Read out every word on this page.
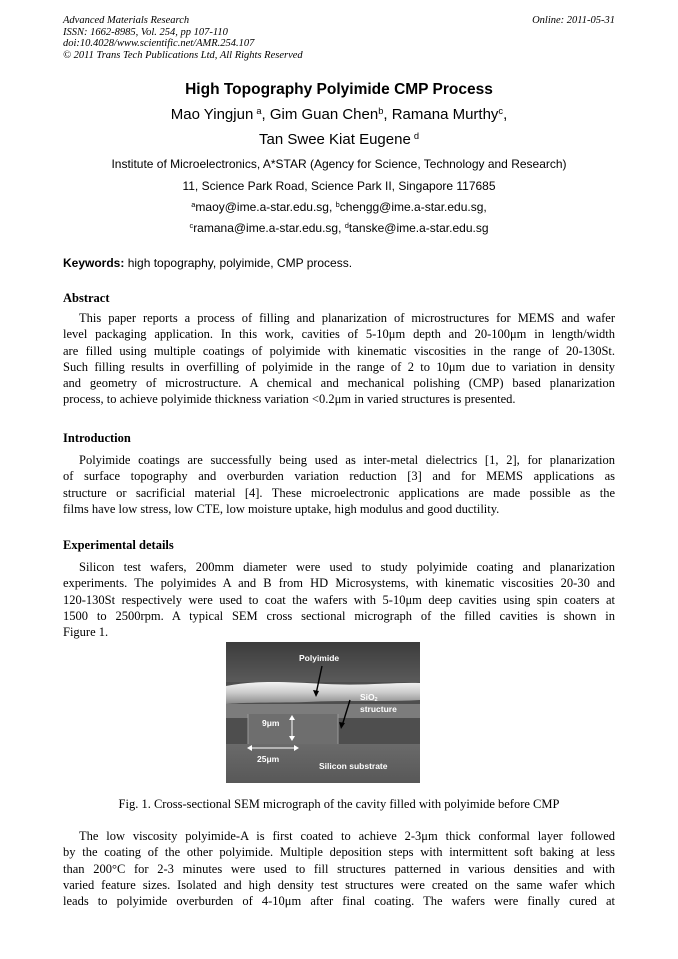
Advanced Materials Research
ISSN: 1662-8985, Vol. 254, pp 107-110
doi:10.4028/www.scientific.net/AMR.254.107
© 2011 Trans Tech Publications Ltd, All Rights Reserved
Online: 2011-05-31
High Topography Polyimide CMP Process
Mao Yingjun  $^a$, Gim Guan Chen$^b$, Ramana Murthy$^c$,
Tan Swee Kiat Eugene  $^d$
Institute of Microelectronics, A*STAR (Agency for Science, Technology and Research)
11, Science Park Road, Science Park II, Singapore 117685
$^a$maoy@ime.a-star.edu.sg, $^b$chengg@ime.a-star.edu.sg,
$^c$ramana@ime.a-star.edu.sg, $^d$tanske@ime.a-star.edu.sg
Keywords: high topography, polyimide, CMP process.
Abstract
This paper reports a process of filling and planarization of microstructures for MEMS and wafer
level packaging application. In this work, cavities of 5-10μm depth and 20-100μm in length/width
are filled using multiple coatings of polyimide with kinematic viscosities in the range of 20-130St.
Such filling results in overfilling of polyimide in the range of 2 to 10μm due to variation in density
and geometry of microstructure. A chemical and mechanical polishing (CMP) based planarization
process, to achieve polyimide thickness variation <0.2μm in varied structures is presented.
Introduction
Polyimide coatings are successfully being used as inter-metal dielectrics [1, 2], for planarization
of surface topography and overburden variation reduction [3] and for MEMS applications as
structure or sacrificial material [4]. These microelectronic applications are made possible as the
films have low stress, low CTE, low moisture uptake, high modulus and good ductility.
Experimental details
Silicon test wafers, 200mm diameter were used to study polyimide coating and planarization
experiments. The polyimides A and B from HD Microsystems, with kinematic viscosities 20-30 and
120-130St respectively were used to coat the wafers with 5-10μm deep cavities using spin coaters at
1500 to 2500rpm. A typical SEM cross sectional micrograph of the filled cavities is shown in
Figure 1.
Polyimide
SiO$_2$
structure
9μm
25μm
Silicon substrate
Fig. 1. Cross-sectional SEM micrograph of the cavity filled with polyimide before CMP
The low viscosity polyimide-A is first coated to achieve 2-3μm thick conformal layer followed
by the coating of the other polyimide. Multiple deposition steps with intermittent soft baking at less
than 200°C for 2-3 minutes were used to fill structures patterned in various densities and with
varied feature sizes. Isolated and high density test structures were created on the same wafer which
leads to polyimide overburden of 4-10μm after final coating. The wafers were finally cured at
